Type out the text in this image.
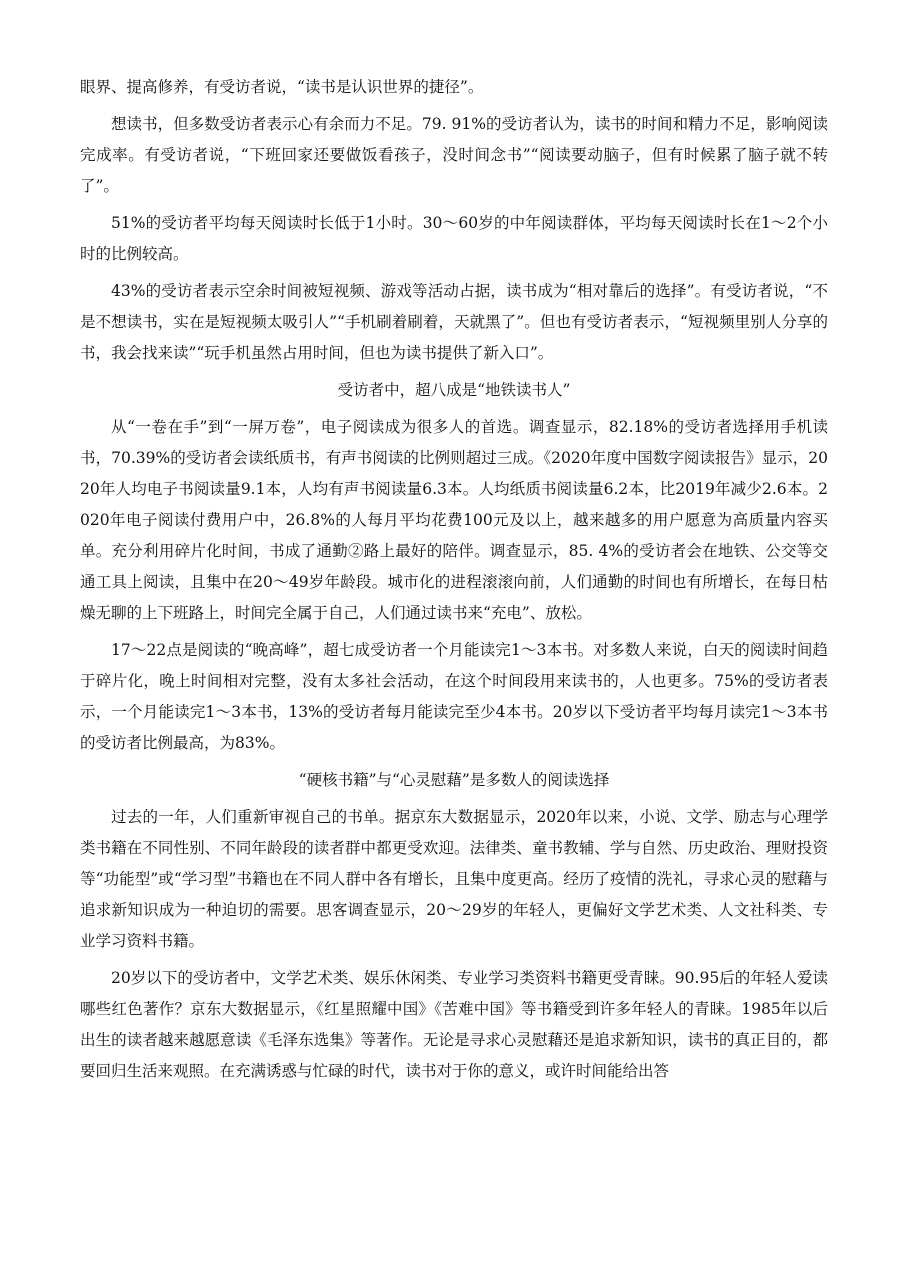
眼界、提高修养，有受访者说，“读书是认识世界的捷径”。

想读书，但多数受访者表示心有余而力不足。79. 91%的受访者认为，读书的时间和精力不足，影响阅读完成率。有受访者说，“下班回家还要做饭看孩子，没时间念书”“阅读要动脑子，但有时候累了脑子就不转了”。

51%的受访者平均每天阅读时长低于1小时。30～60岁的中年阅读群体，平均每天阅读时长在1～2个小时的比例较高。

43%的受访者表示空余时间被短视频、游戏等活动占据，读书成为“相对靠后的选择”。有受访者说，“不是不想读书，实在是短视频太吸引人”“手机刷着刷着，天就黑了”。但也有受访者表示，“短视频里别人分享的书，我会找来读”“玩手机虽然占用时间，但也为读书提供了新入口”。

受访者中，超八成是“地铁读书人”

从“一卷在手”到“一屏万卷”，电子阅读成为很多人的首选。调查显示，82.18%的受访者选择用手机读书，70.39%的受访者会读纸质书，有声书阅读的比例则超过三成。《2020年度中国数字阅读报告》显示，2020年人均电子书阅读量9.1本，人均有声书阅读量6.3本。人均纸质书阅读量6.2本，比2019年减少2.6本。2020年电子阅读付费用户中，26.8%的人每月平均花费100元及以上，越来越多的用户愿意为高质量内容买单。充分利用碎片化时间，书成了通勤②路上最好的陪伴。调查显示，85. 4%的受访者会在地铁、公交等交通工具上阅读，且集中在20～49岁年龄段。城市化的进程滚滚向前，人们通勤的时间也有所增长，在每日枯燥无聊的上下班路上，时间完全属于自己，人们通过读书来“充电”、放松。

17～22点是阅读的“晚高峰”，超七成受访者一个月能读完1～3本书。对多数人来说，白天的阅读时间趋于碎片化，晚上时间相对完整，没有太多社会活动，在这个时间段用来读书的，人也更多。75%的受访者表示，一个月能读完1～3本书，13%的受访者每月能读完至少4本书。20岁以下受访者平均每月读完1～3本书的受访者比例最高，为83%。

“硬核书籍”与“心灵慰藉”是多数人的阅读选择

过去的一年，人们重新审视自己的书单。据京东大数据显示，2020年以来，小说、文学、励志与心理学类书籍在不同性别、不同年龄段的读者群中都更受欢迎。法律类、童书教辅、学与自然、历史政治、理财投资等“功能型”或“学习型”书籍也在不同人群中各有增长，且集中度更高。经历了疫情的洗礼，寻求心灵的慰藉与追求新知识成为一种迫切的需要。思客调查显示，20～29岁的年轻人，更偏好文学艺术类、人文社科类、专业学习资料书籍。

20岁以下的受访者中，文学艺术类、娱乐休闲类、专业学习类资料书籍更受青睐。90.95后的年轻人爱读哪些红色著作？京东大数据显示，《红星照耀中国》《苦难中国》等书籍受到许多年轻人的青睐。1985年以后出生的读者越来越愿意读《毛泽东选集》等著作。无论是寻求心灵慰藉还是追求新知识，读书的真正目的，都要回归生活来观照。在充满诱惑与忙碌的时代，读书对于你的意义，或许时间能给出答
